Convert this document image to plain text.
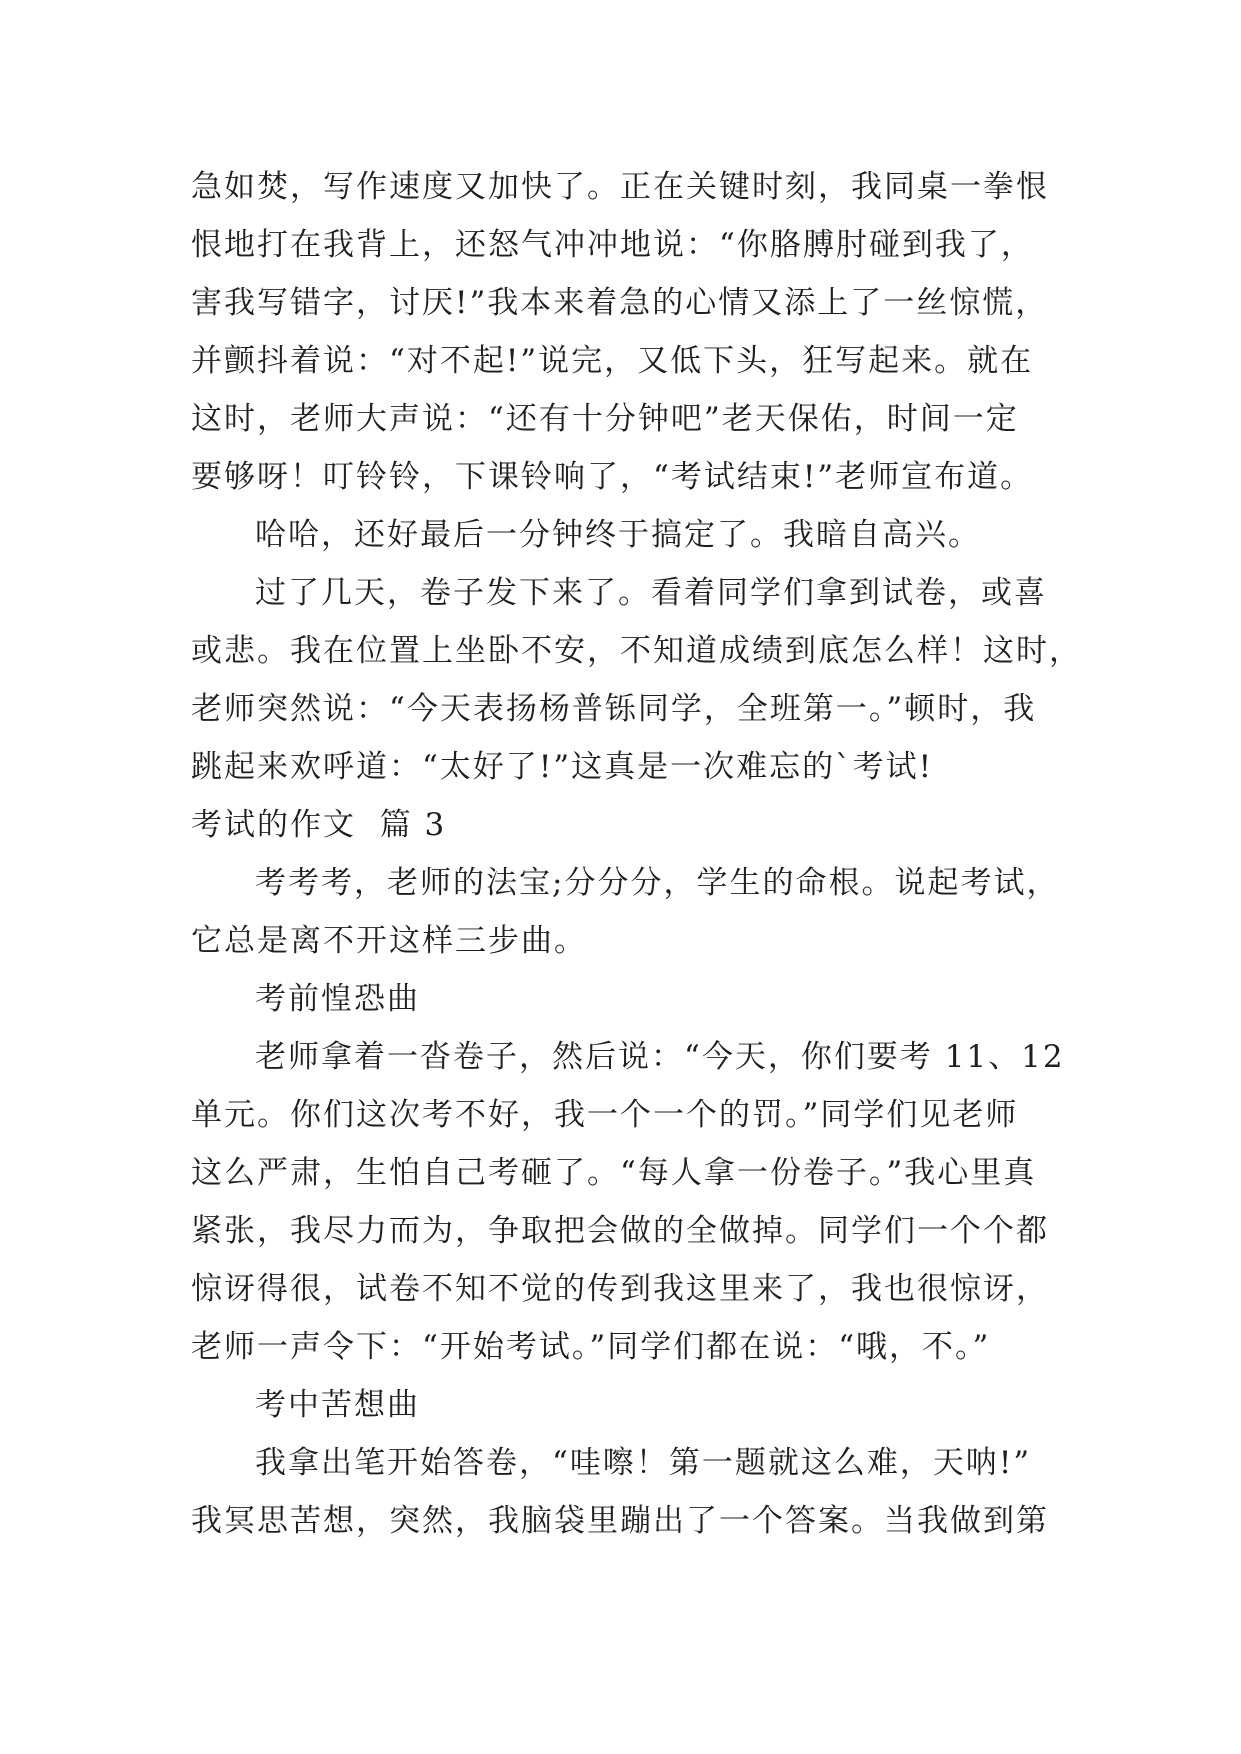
急如焚，写作速度又加快了。正在关键时刻，我同桌一拳恨

恨地打在我背上，还怒气冲冲地说：“你胳膊肘碰到我了，

害我写错字，讨厌!”我本来着急的心情又添上了一丝惊慌，

并颤抖着说：“对不起!”说完，又低下头，狂写起来。就在

这时，老师大声说：“还有十分钟吧”老天保佑，时间一定

要够呀！叮铃铃，下课铃响了，“考试结束!”老师宣布道。

哈哈，还好最后一分钟终于搞定了。我暗自高兴。

过了几天，卷子发下来了。看着同学们拿到试卷，或喜

或悲。我在位置上坐卧不安，不知道成绩到底怎么样！这时，

老师突然说：“今天表扬杨普铄同学，全班第一。”顿时，我

跳起来欢呼道：“太好了!”这真是一次难忘的`考试!

考试的作文  篇 3

考考考，老师的法宝;分分分，学生的命根。说起考试，

它总是离不开这样三步曲。

考前惶恐曲

老师拿着一沓卷子，然后说：“今天，你们要考 11、12

单元。你们这次考不好，我一个一个的罚。”同学们见老师

这么严肃，生怕自己考砸了。“每人拿一份卷子。”我心里真

紧张，我尽力而为，争取把会做的全做掉。同学们一个个都

惊讶得很，试卷不知不觉的传到我这里来了，我也很惊讶，

老师一声令下：“开始考试。”同学们都在说：“哦，不。”

考中苦想曲

我拿出笔开始答卷，“哇嚓！第一题就这么难，天呐!”

我冥思苦想，突然，我脑袋里蹦出了一个答案。当我做到第
